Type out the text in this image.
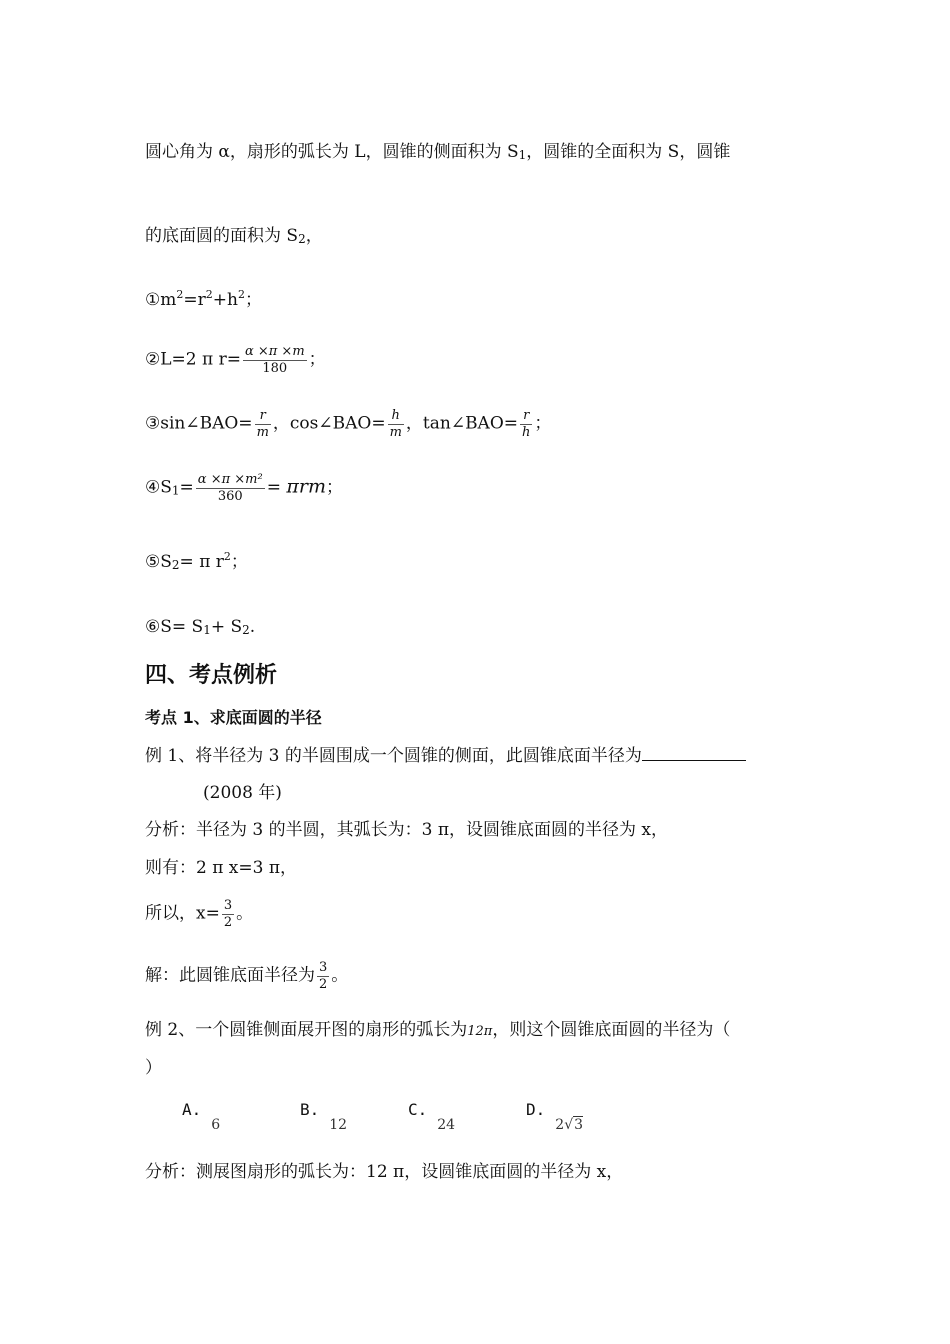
圆心角为 α，扇形的弧长为 L，圆锥的侧面积为 $S_1$，圆锥的全面积为 S，圆锥
的底面圆的面积为 $S_2$，
$①m^2=r^2+h^2$；
②L=2 π $r= \frac{\alpha \times\pi \times m}{180}$ ；
③sin∠BAO= $\frac{r}{m}$ ，cos∠BAO= $\frac{h}{m}$ ，tan∠BAO= $\frac{r}{h}$ ；
$④S_1= \frac{\text{α ×π ×m²}}{360} = \pi rm$；
$⑤S_2= \pi$ $r^2$；
⑥S= $S_1+ S_2$.
四、考点例析
考点 1、求底面圆的半径
例 1、将半径为 3 的半圆围成一个圆锥的侧面，此圆锥底面半径为
(2008 年)
分析：半径为 3 的半圆，其弧长为：3 π，设圆锥底面圆的半径为 x，
则有：2 π x=3 π，
所以，$x= \frac{3}{2}$ 。
解：此圆锥底面半径为 $\frac{3}{2}$ 。
例 2、一个圆锥侧面展开图的扇形的弧长为12π，则这个圆锥底面圆的半径为（
）
$A._6$
$B._{12}$
$C._{24}$
$D._{2√3}$
分析：测展图扇形的弧长为：12 π，设圆锥底面圆的半径为 x，
